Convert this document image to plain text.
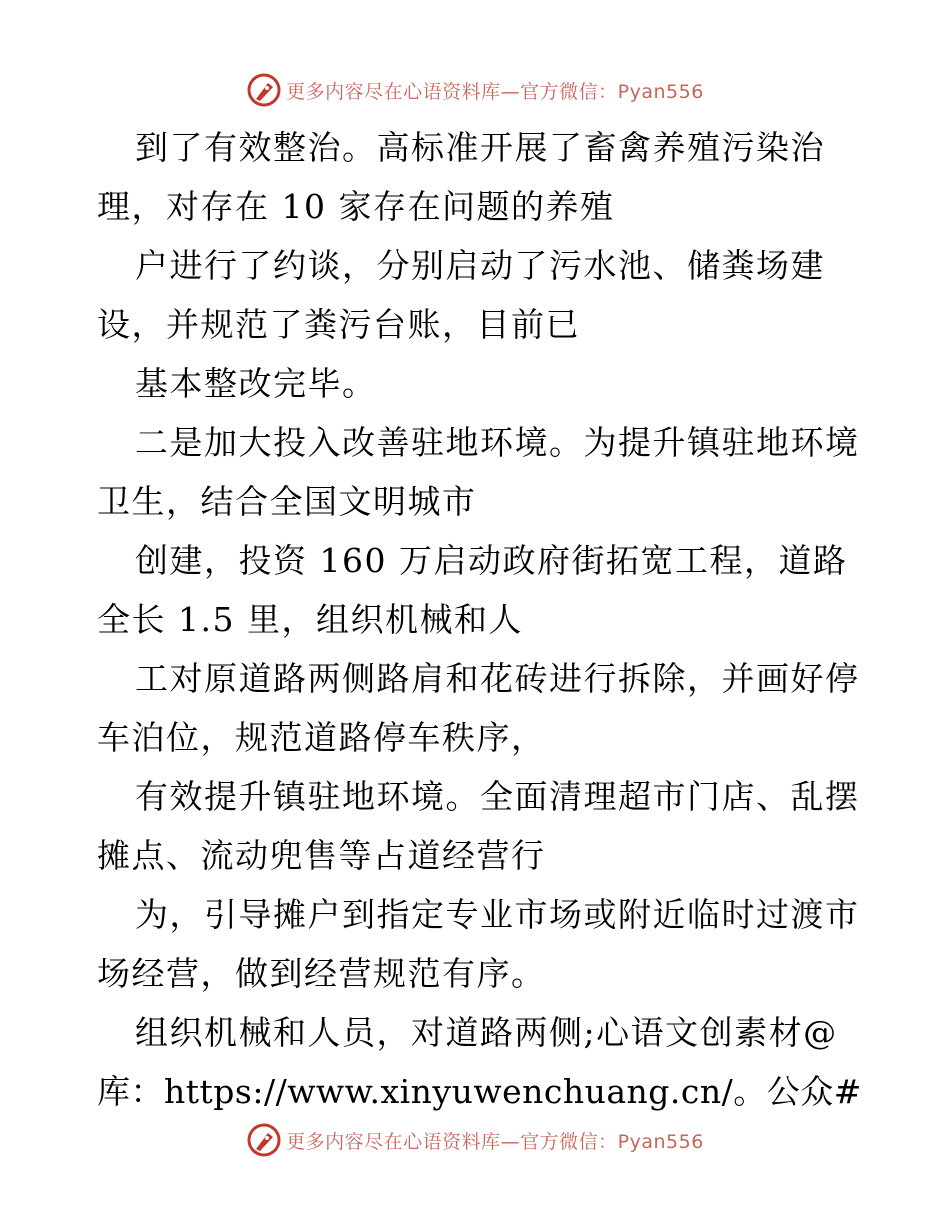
更多内容尽在心语资料库—官方微信：Pyan556
到了有效整治。高标准开展了畜禽养殖污染治
理，对存在 10 家存在问题的养殖
户进行了约谈，分别启动了污水池、储粪场建
设，并规范了粪污台账，目前已
基本整改完毕。
二是加大投入改善驻地环境。为提升镇驻地环境
卫生，结合全国文明城市
创建，投资 160 万启动政府街拓宽工程，道路
全长 1.5 里，组织机械和人
工对原道路两侧路肩和花砖进行拆除，并画好停
车泊位，规范道路停车秩序，
有效提升镇驻地环境。全面清理超市门店、乱摆
摊点、流动兜售等占道经营行
为，引导摊户到指定专业市场或附近临时过渡市
场经营，做到经营规范有序。
组织机械和人员，对道路两侧;心语文创素材@
库：https://www.xinyuwenchuang.cn/。公众#
更多内容尽在心语资料库—官方微信：Pyan556
